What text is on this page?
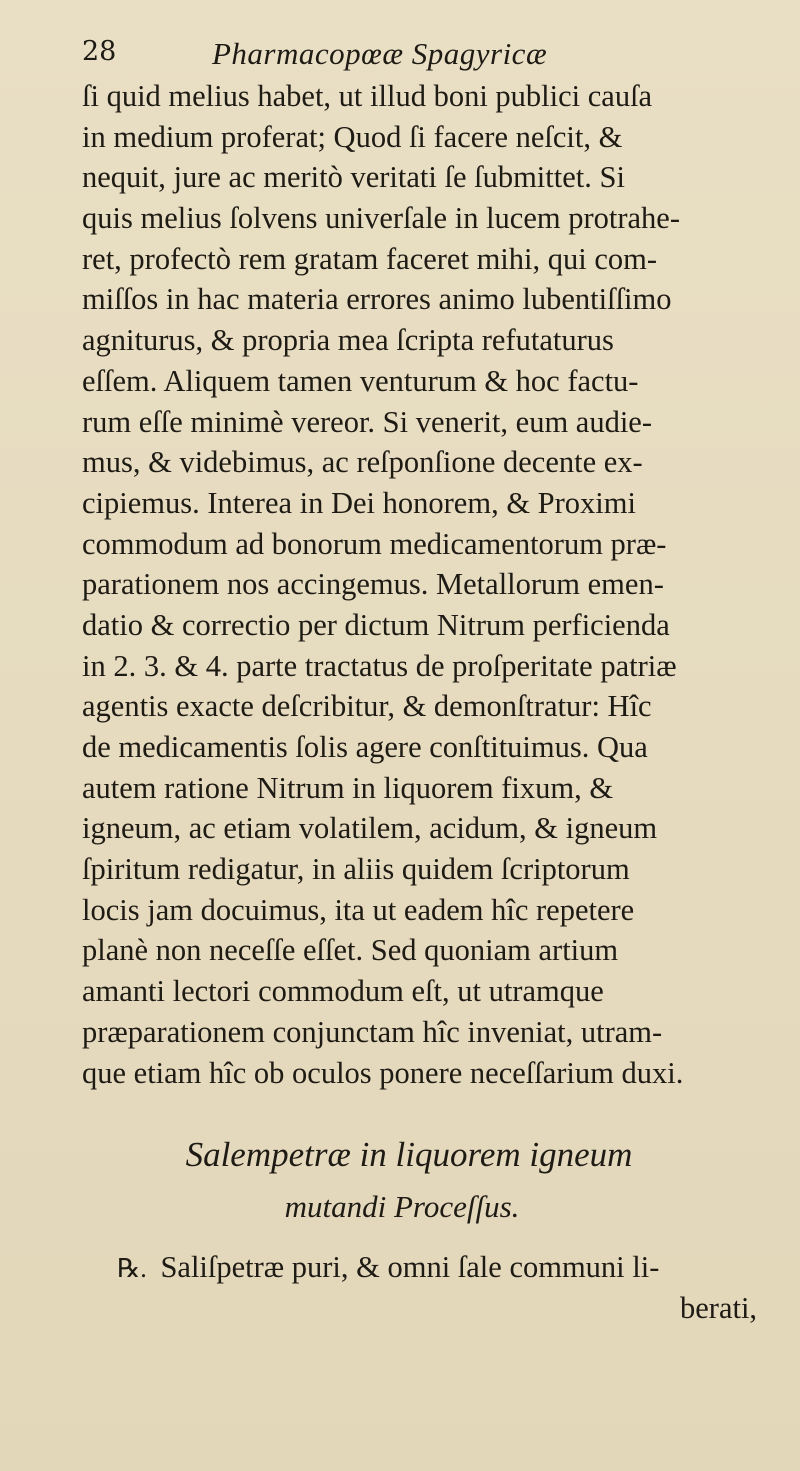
28	Pharmacopœæ Spagyricæ
ſi quid melius habet, ut illud boni publici cauſa
in medium proferat; Quod ſi facere neſcit, &
nequit, jure ac meritò veritati ſe ſubmittet. Si
quis melius ſolvens univerſale in lucem protrahe-
ret, profectò rem gratam faceret mihi, qui com-
miſſos in hac materia errores animo lubentiſſimo
agniturus, & propria mea ſcripta refutaturus
eſſem. Aliquem tamen venturum & hoc factu-
rum eſſe minimè vereor. Si venerit, eum audie-
mus, & videbimus, ac reſponſione decente ex-
cipiemus. Interea in Dei honorem, & Proximi
commodum ad bonorum medicamentorum præ-
parationem nos accingemus. Metallorum emen-
datio & correctio per dictum Nitrum perficienda
in 2. 3. & 4. parte tractatus de proſperitate patriæ
agentis exacte deſcribitur, & demonſtratur: Hîc
de medicamentis ſolis agere conſtituimus. Qua
autem ratione Nitrum in liquorem fixum, &
igneum, ac etiam volatilem, acidum, & igneum
ſpiritum redigatur, in aliis quidem ſcriptorum
locis jam docuimus, ita ut eadem hîc repetere
planè non neceſſe eſſet. Sed quoniam artium
amanti lectori commodum eſt, ut utramque
præparationem conjunctam hîc inveniat, utram-
que etiam hîc ob oculos ponere neceſſarium duxi.
Salempetræ in liquorem igneum
mutandi Proceſſus.
℞. Saliſpetræ puri, & omni ſale communi li-
berati,
